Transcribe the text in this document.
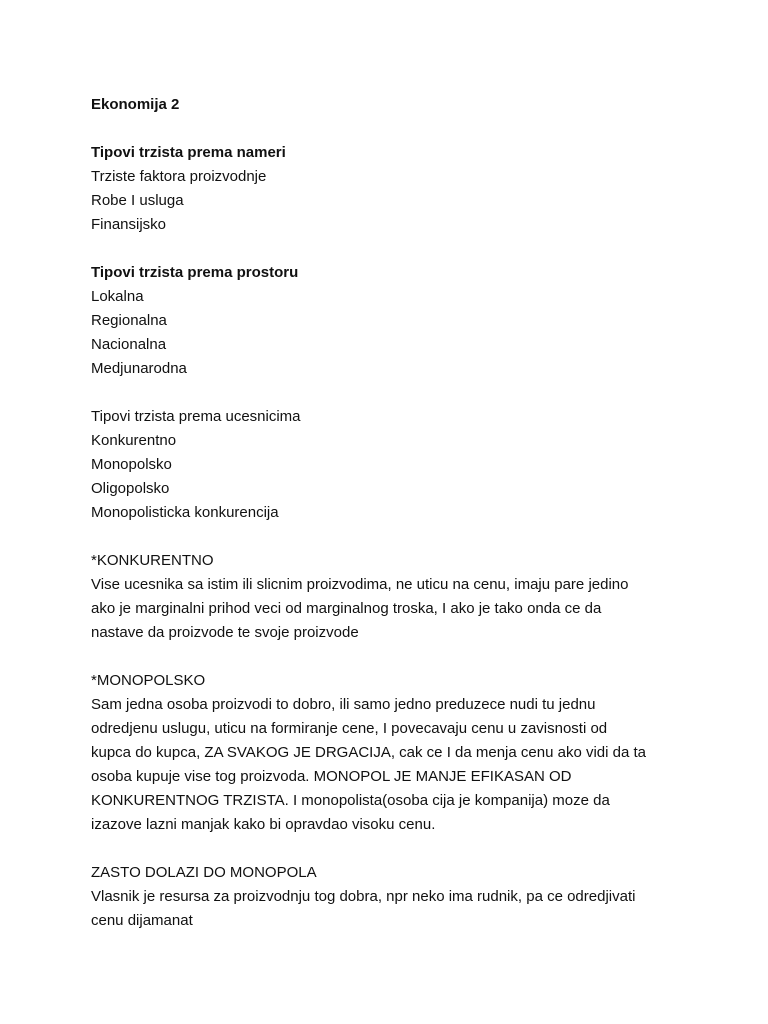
Ekonomija 2
Tipovi trzista prema nameri
Trziste faktora proizvodnje
Robe I usluga
Finansijsko
Tipovi trzista prema prostoru
Lokalna
Regionalna
Nacionalna
Medjunarodna
Tipovi trzista prema ucesnicima
Konkurentno
Monopolsko
Oligopolsko
Monopolisticka konkurencija
*KONKURENTNO
Vise ucesnika sa istim ili slicnim proizvodima, ne uticu na cenu, imaju pare jedino
ako je marginalni prihod veci od marginalnog troska, I ako je tako onda ce da
nastave da proizvode te svoje proizvode
*MONOPOLSKO
Sam jedna osoba proizvodi to dobro, ili samo jedno preduzece nudi tu jednu
odredjenu uslugu, uticu na formiranje cene, I povecavaju cenu u zavisnosti od
kupca do kupca, ZA SVAKOG JE DRGACIJA, cak ce I da menja cenu ako vidi da ta
osoba kupuje vise tog proizvoda. MONOPOL JE MANJE EFIKASAN OD
KONKURENTNOG TRZISTA. I monopolista(osoba cija je kompanija) moze da
izazove lazni manjak kako bi opravdao visoku cenu.
ZASTO DOLAZI DO MONOPOLA
Vlasnik je resursa za proizvodnju tog dobra, npr neko ima rudnik, pa ce odredjivati
cenu dijamanat
